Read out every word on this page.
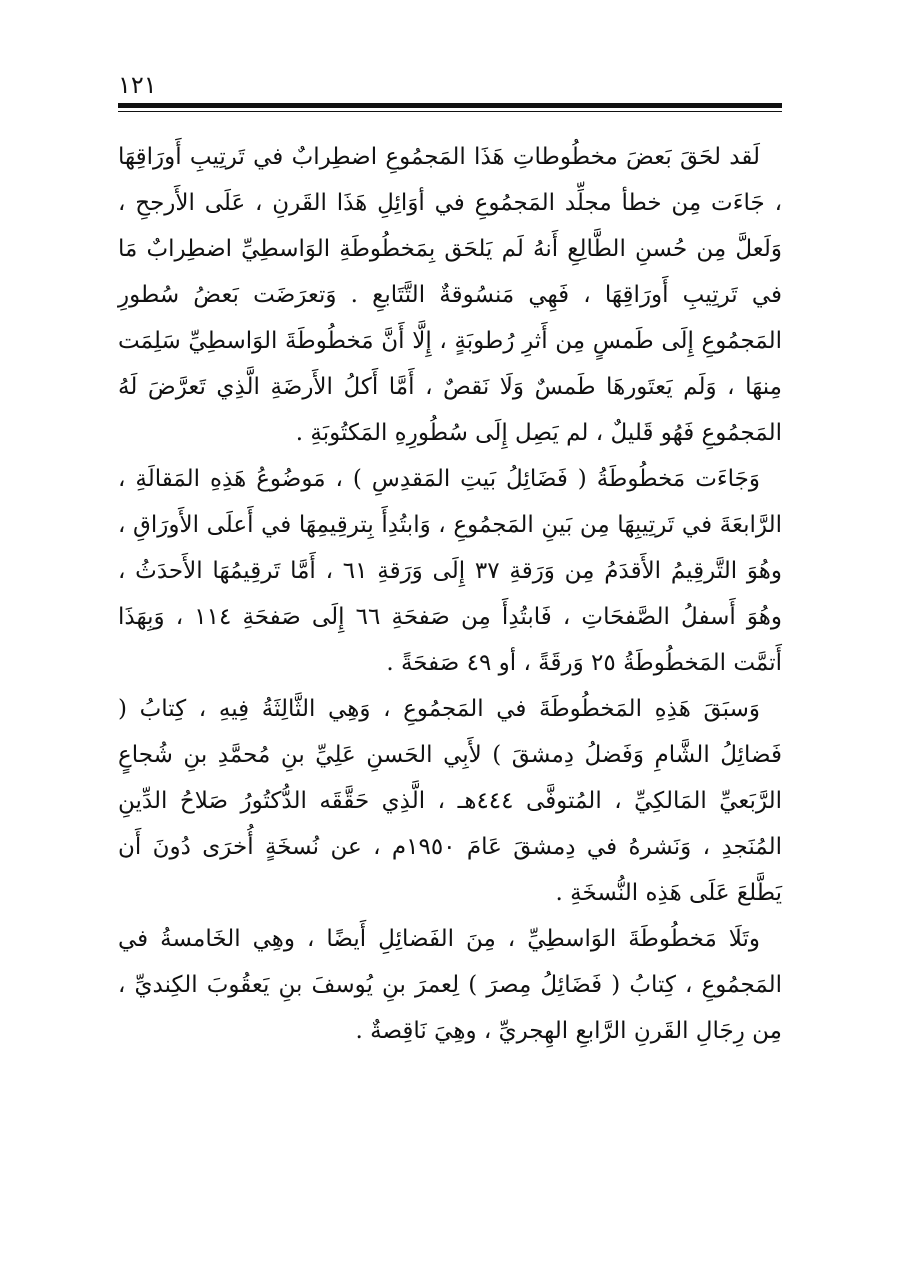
١٢١

لَقد لحَقَ بَعضَ مخطُوطاتِ هَذَا المَجمُوعِ اضطِرابٌ في تَرتِيبِ أَورَاقِهَا ، جَاءَت مِن خطأ مجلِّد المَجمُوعِ في أوَائِلِ هَذَا القَرنِ ، عَلَى الأَرجحِ ، وَلَعلَّ مِن حُسنِ الطَّالِعِ أَنهُ لَم يَلحَق بِمَخطُوطَةِ الوَاسطِيِّ اضطِرابٌ مَا في تَرتِيبِ أَورَاقِهَا ، فَهِي مَنسُوقةٌ التَّتَابعِ . وَتعرَضَت بَعضُ سُطورِ المَجمُوعِ إِلَى طَمسٍ مِن أَثرِ رُطوبَةٍ ، إِلَّا أَنَّ مَخطُوطَةَ الوَاسطِيِّ سَلِمَت مِنهَا ، وَلَم يَعتَورهَا طَمسٌ وَلَا نَقصٌ ، أَمَّا أَكلُ الأَرضَةِ الَّذِي تَعرَّضَ لَهُ المَجمُوعِ فَهُو قَليلٌ ، لم يَصِل إِلَى سُطُورِهِ المَكتُوبَةِ .

وَجَاءَت مَخطُوطَةُ ( فَضَائِلُ بَيتِ المَقدِسِ ) ، مَوضُوعُ هَذِهِ المَقالَةِ ، الرَّابعَةَ في تَرتِيبِهَا مِن بَينِ المَجمُوعِ ، وَابتُدِأَ بِترقِيمِهَا في أَعلَى الأَورَاقِ ، وهُوَ التَّرقِيمُ الأَقدَمُ مِن وَرَقةِ ٣٧ إِلَى وَرَقةِ ٦١ ، أَمَّا تَرقِيمُهَا الأَحدَثُ ، وهُوَ أَسفلُ الصَّفحَاتِ ، فَابتُدِأَ مِن صَفحَةِ ٦٦ إِلَى صَفحَةِ ١١٤ ، وَبِهَذَا أَتمَّت المَخطُوطَةُ ٢٥ وَرقَةً ، أو ٤٩ صَفحَةً .

وَسبَقَ هَذِهِ المَخطُوطَةَ في المَجمُوعِ ، وَهِي الثَّالِثَةُ فِيهِ ، كِتابُ ( فَضائِلُ الشَّامِ وَفَضلُ دِمشقَ ) لأَبِي الحَسنِ عَلِيِّ بنِ مُحمَّدِ بنِ شُجاعٍ الرَّبَعيِّ المَالكِيِّ ، المُتوفَّى ٤٤٤هـ ، الَّذِي حَقَّقَه الدُّكتُورُ صَلاحُ الدِّينِ المُنَجدِ ، وَنَشرهُ في دِمشقَ عَامَ ١٩٥٠م ، عن نُسخَةٍ أُخرَى دُونَ أَن يَطَّلعَ عَلَى هَذِه النُّسخَةِ .

وتَلَا مَخطُوطَةَ الوَاسطِيِّ ، مِنَ الفَضائِلِ أَيضًا ، وهِي الخَامسةُ في المَجمُوعِ ، كِتابُ ( فَضَائِلُ مِصرَ ) لِعمرَ بنِ يُوسفَ بنِ يَعقُوبَ الكِنديِّ ، مِن رِجَالِ القَرنِ الرَّابعِ الهِجريِّ ، وهِيَ نَاقِصةٌ .
